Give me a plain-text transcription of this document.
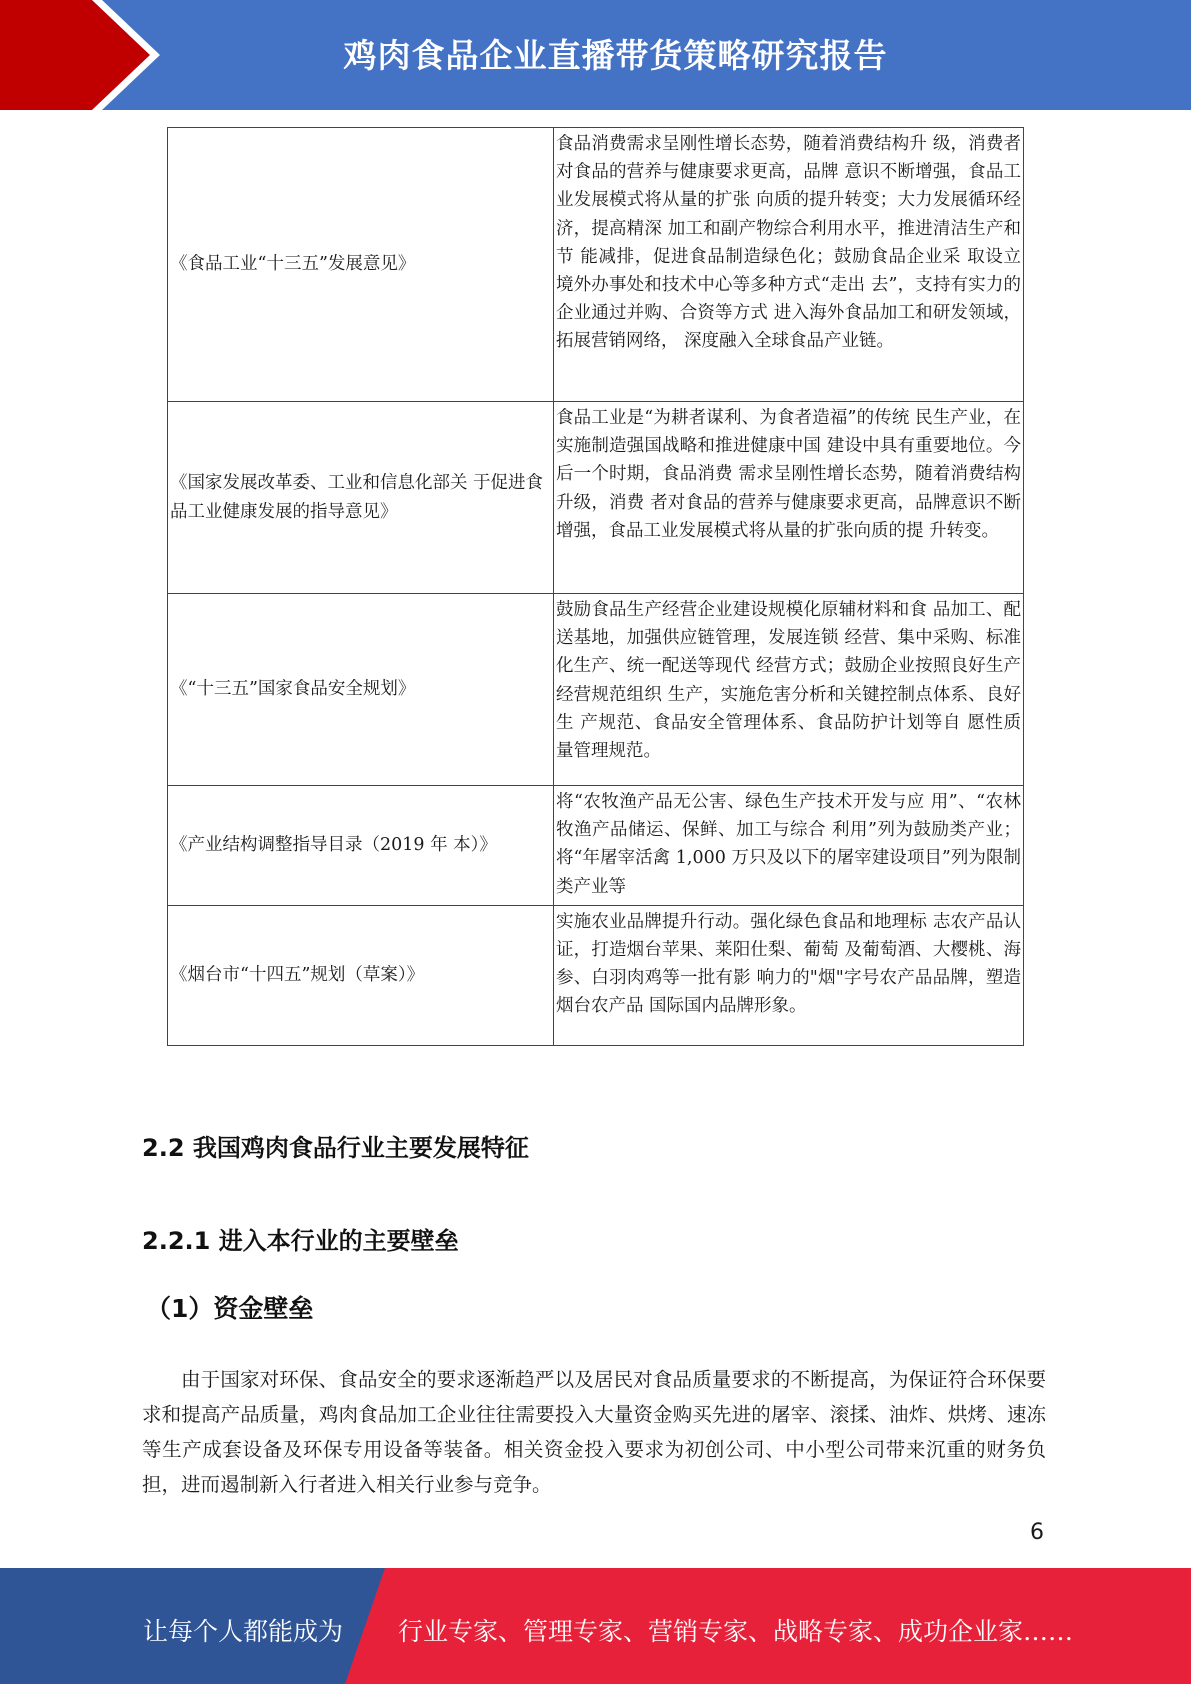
鸡肉食品企业直播带货策略研究报告
《食品工业“十三五”发展意见》	食品消费需求呈刚性增长态势，随着消费结构升 级，消费者对食品的营养与健康要求更高，品牌 意识不断增强，食品工业发展模式将从量的扩张 向质的提升转变；大力发展循环经济，提高精深 加工和副产物综合利用水平，推进清洁生产和节 能减排，促进食品制造绿色化；鼓励食品企业采 取设立境外办事处和技术中心等多种方式“走出 去”，支持有实力的企业通过并购、合资等方式 进入海外食品加工和研发领域，拓展营销网络， 深度融入全球食品产业链。
《国家发展改革委、工业和信息化部关 于促进食品工业健康发展的指导意见》	食品工业是“为耕者谋利、为食者造福”的传统 民生产业，在实施制造强国战略和推进健康中国 建设中具有重要地位。今后一个时期，食品消费 需求呈刚性增长态势，随着消费结构升级，消费 者对食品的营养与健康要求更高，品牌意识不断 增强，食品工业发展模式将从量的扩张向质的提 升转变。
《“十三五”国家食品安全规划》	鼓励食品生产经营企业建设规模化原辅材料和食 品加工、配送基地，加强供应链管理，发展连锁 经营、集中采购、标准化生产、统一配送等现代 经营方式；鼓励企业按照良好生产经营规范组织 生产，实施危害分析和关键控制点体系、良好生 产规范、食品安全管理体系、食品防护计划等自 愿性质量管理规范。
《产业结构调整指导目录（2019 年 本）》	将“农牧渔产品无公害、绿色生产技术开发与应 用”、“农林牧渔产品储运、保鲜、加工与综合 利用”列为鼓励类产业；将“年屠宰活禽 1,000 万只及以下的屠宰建设项目”列为限制类产业等
《烟台市“十四五”规划（草案）》	实施农业品牌提升行动。强化绿色食品和地理标 志农产品认证，打造烟台苹果、莱阳仕梨、葡萄 及葡萄酒、大樱桃、海参、白羽肉鸡等一批有影 响力的"烟"字号农产品品牌，塑造烟台农产品 国际国内品牌形象。
2.2 我国鸡肉食品行业主要发展特征
2.2.1 进入本行业的主要壁垒
（1）资金壁垒
由于国家对环保、食品安全的要求逐渐趋严以及居民对食品质量要求的不断提高，为保证符合环保要求和提高产品质量，鸡肉食品加工企业往往需要投入大量资金购买先进的屠宰、滚揉、油炸、烘烤、速冻等生产成套设备及环保专用设备等装备。相关资金投入要求为初创公司、中小型公司带来沉重的财务负担，进而遏制新入行者进入相关行业参与竞争。
6
让每个人都能成为 行业专家、管理专家、营销专家、战略专家、成功企业家……
